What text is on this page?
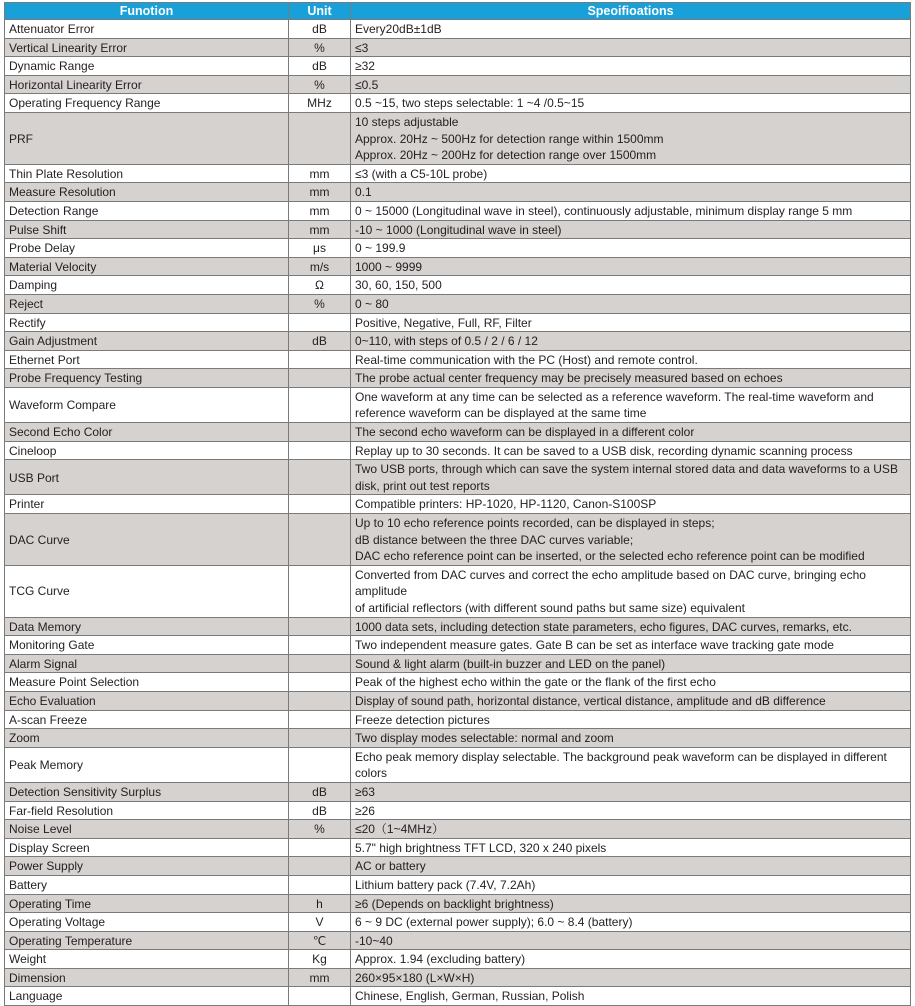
Funotion	Unit	Speoifioations
Attenuator Error	dB	Every20dB±1dB

Vertical Linearity Error	%	≤3

Dynamic Range	dB	≥32

Horizontal Linearity Error	%	≤0.5

Operating Frequency Range	MHz	0.5 ~15, two steps selectable: 1 ~4 /0.5~15

PRF		10 steps adjustable
Approx. 20Hz ~ 500Hz for detection range within 1500mm
Approx. 20Hz ~ 200Hz for detection range over 1500mm

Thin Plate Resolution	mm	≤3 (with a C5-10L probe)

Measure Resolution	mm	0.1

Detection Range	mm	0 ~ 15000 (Longitudinal wave in steel), continuously adjustable, minimum display range 5 mm

Pulse Shift	mm	-10 ~ 1000 (Longitudinal wave in steel)

Probe Delay	μs	0 ~ 199.9

Material Velocity	m/s	1000 ~ 9999

Damping	Ω	30, 60, 150, 500

Reject	%	0 ~ 80

Rectify		Positive, Negative, Full, RF, Filter

Gain Adjustment	dB	0~110, with steps of 0.5 / 2 / 6 / 12

Ethernet Port		Real-time communication with the PC (Host) and remote control.

Probe Frequency Testing		The probe actual center frequency may be precisely measured based on echoes

Waveform Compare		One waveform at any time can be selected as a reference waveform. The real-time waveform and
reference waveform can be displayed at the same time

Second Echo Color		The second echo waveform can be displayed in a different color

Cineloop		Replay up to 30 seconds. It can be saved to a USB disk, recording dynamic scanning process

USB Port		Two USB ports, through which can save the system internal stored data and data waveforms to a USB
disk, print out test reports

Printer		Compatible printers: HP-1020, HP-1120, Canon-S100SP

DAC Curve		Up to 10 echo reference points recorded, can be displayed in steps;
dB distance between the three DAC curves variable;
DAC echo reference point can be inserted, or the selected echo reference point can be modified

TCG Curve		Converted from DAC curves and correct the echo amplitude based on DAC curve, bringing echo amplitude
of artificial reflectors (with different sound paths but same size) equivalent

Data Memory		1000 data sets, including detection state parameters, echo figures, DAC curves, remarks, etc.

Monitoring Gate		Two independent measure gates. Gate B can be set as interface wave tracking gate mode

Alarm Signal		Sound & light alarm (built-in buzzer and LED on the panel)

Measure Point Selection		Peak of the highest echo within the gate or the flank of the first echo

Echo Evaluation		Display of sound path, horizontal distance, vertical distance, amplitude and dB difference

A-scan Freeze		Freeze detection pictures

Zoom		Two display modes selectable: normal and zoom

Peak Memory		Echo peak memory display selectable. The background peak waveform can be displayed in different colors

Detection Sensitivity Surplus	dB	≥63

Far-field Resolution	dB	≥26

Noise Level	%	≤20（1~4MHz）

Display Screen		5.7" high brightness TFT LCD, 320 x 240 pixels

Power Supply		AC or battery

Battery		Lithium battery pack (7.4V, 7.2Ah)

Operating Time	h	≥6 (Depends on backlight brightness)

Operating Voltage	V	6 ~ 9 DC (external power supply); 6.0 ~ 8.4 (battery)

Operating Temperature	℃	-10~40

Weight	Kg	Approx. 1.94 (excluding battery)

Dimension	mm	260×95×180 (L×W×H)

Language		Chinese, English, German, Russian, Polish
